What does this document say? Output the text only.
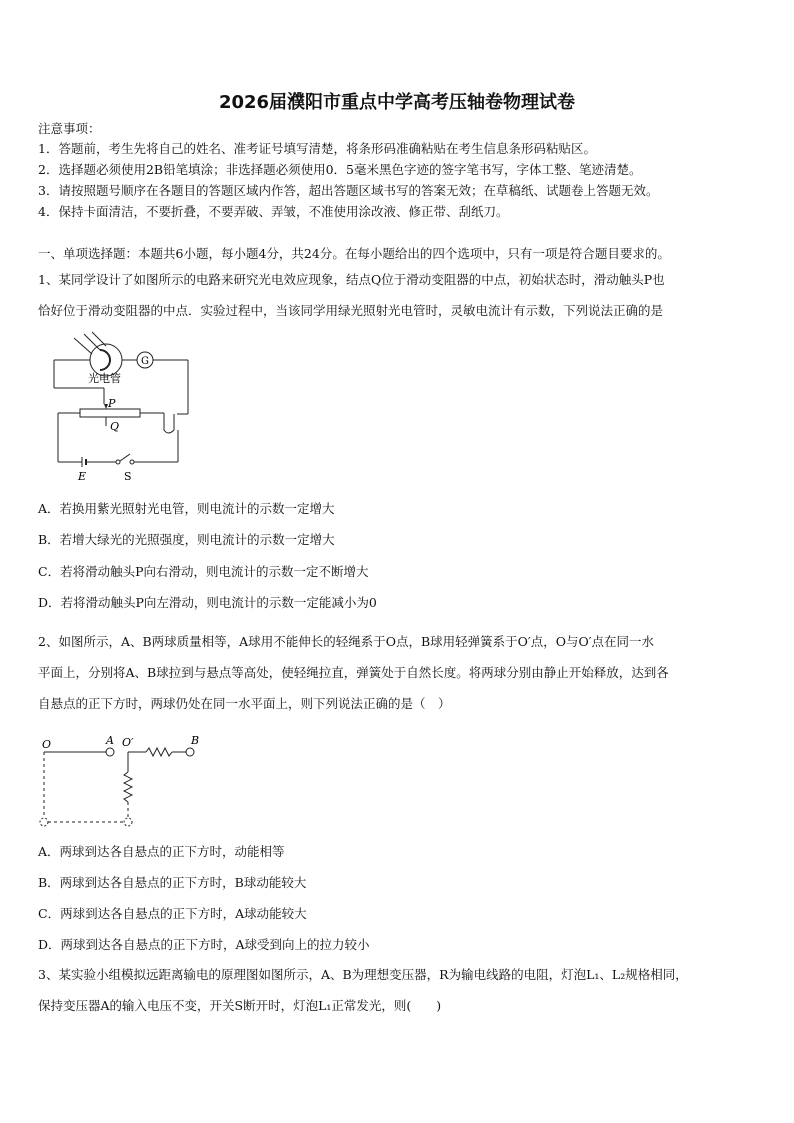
2026届濮阳市重点中学高考压轴卷物理试卷
注意事项：
1．答题前，考生先将自己的姓名、准考证号填写清楚，将条形码准确粘贴在考生信息条形码粘贴区。
2．选择题必须使用2B铅笔填涂；非选择题必须使用0．5毫米黑色字迹的签字笔书写，字体工整、笔迹清楚。
3．请按照题号顺序在各题目的答题区域内作答，超出答题区域书写的答案无效；在草稿纸、试题卷上答题无效。
4．保持卡面清洁，不要折叠，不要弄破、弄皱，不准使用涂改液、修正带、刮纸刀。
一、单项选择题：本题共6小题，每小题4分，共24分。在每小题给出的四个选项中，只有一项是符合题目要求的。
1、某同学设计了如图所示的电路来研究光电效应现象，结点Q位于滑动变阻器的中点，初始状态时，滑动触头P也
恰好位于滑动变阻器的中点．实验过程中，当该同学用绿光照射光电管时，灵敏电流计有示数，下列说法正确的是
光电管
G
P
Q
E	S
A．若换用紫光照射光电管，则电流计的示数一定增大
B．若增大绿光的光照强度，则电流计的示数一定增大
C．若将滑动触头P向右滑动，则电流计的示数一定不断增大
D．若将滑动触头P向左滑动，则电流计的示数一定能减小为0
2、如图所示，A、B两球质量相等，A球用不能伸长的轻绳系于O点，B球用轻弹簧系于O′点，O与O′点在同一水
平面上，分别将A、B球拉到与悬点等高处，使轻绳拉直，弹簧处于自然长度。将两球分别由静止开始释放，达到各
自悬点的正下方时，两球仍处在同一水平面上，则下列说法正确的是（　）
O	A O′	B
A．两球到达各自悬点的正下方时，动能相等
B．两球到达各自悬点的正下方时，B球动能较大
C．两球到达各自悬点的正下方时，A球动能较大
D．两球到达各自悬点的正下方时，A球受到向上的拉力较小
3、某实验小组模拟远距离输电的原理图如图所示，A、B为理想变压器，R为输电线路的电阻，灯泡L₁、L₂规格相同，
保持变压器A的输入电压不变，开关S断开时，灯泡L₁正常发光，则(　　)
